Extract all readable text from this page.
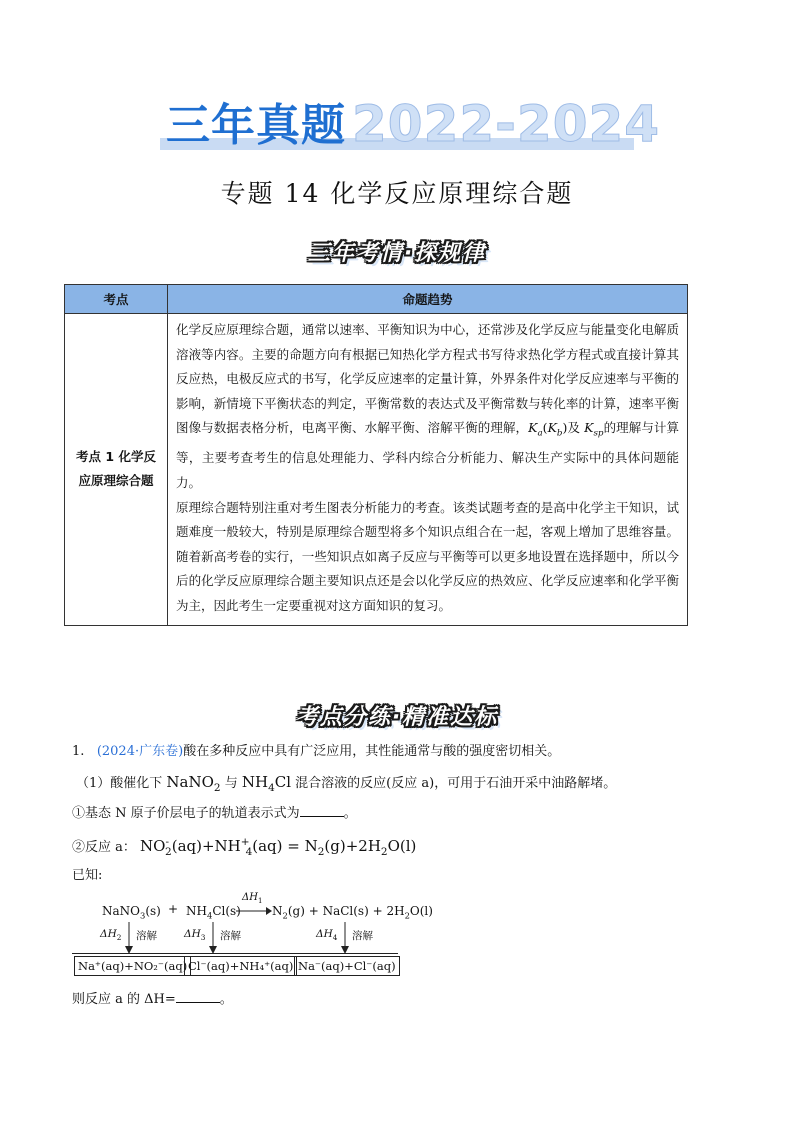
三年真题 2022-2024
专题 14 化学反应原理综合题
三年考情·探规律
考点	命题趋势
考点 1 化学反应原理综合题	化学反应原理综合题，通常以速率、平衡知识为中心，还常涉及化学反应与能量变化电解质溶液等内容。主要的命题方向有根据已知热化学方程式书写待求热化学方程式或直接计算其反应热，电极反应式的书写，化学反应速率的定量计算，外界条件对化学反应速率与平衡的影响，新情境下平衡状态的判定，平衡常数的表达式及平衡常数与转化率的计算，速率平衡图像与数据表格分析，电离平衡、水解平衡、溶解平衡的理解，$K_a(K_b)$及 $K_{sp}$的理解与计算等，主要考查考生的信息处理能力、学科内综合分析能力、解决生产实际中的具体问题能力。

原理综合题特别注重对考生图表分析能力的考查。该类试题考查的是高中化学主干知识，试题难度一般较大，特别是原理综合题型将多个知识点组合在一起，客观上增加了思维容量。随着新高考卷的实行，一些知识点如离子反应与平衡等可以更多地设置在选择题中，所以今后的化学反应原理综合题主要知识点还是会以化学反应的热效应、化学反应速率和化学平衡为主，因此考生一定要重视对这方面知识的复习。

考点分练·精准达标
1. (2024·广东卷)酸在多种反应中具有广泛应用，其性能通常与酸的强度密切相关。
（1）酸催化下 NaNO$_2$ 与 $NH_4Cl$ 混合溶液的反应(反应 a)，可用于石油开采中油路解堵。
①基态 N 原子价层电子的轨道表示式为	。
②反应 a： $NO^-_2(aq)+NH^+_4(aq) = N_2(g)+2H_2O(l)$
已知:
NaNO$_3$(s) + $NH_4Cl(s)$
$\Delta H_1$
→ $N_2(g)$ + NaCl(s) + $2H_2O(l)$
$\Delta H_2$ 溶解	$\Delta H_3$ 溶解	$\Delta H_4$ 溶解
Na⁺(aq)+NO₂⁻(aq) Cl⁻(aq)+NH₄⁺(aq) Na⁻(aq)+Cl⁻(aq)
则反应 a 的 ΔH=	。
